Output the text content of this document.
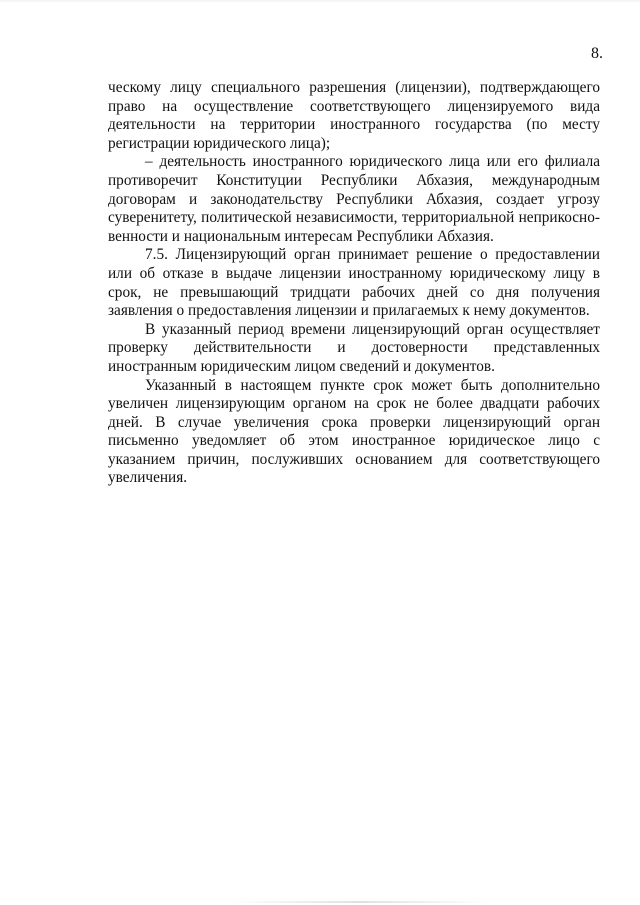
8.

ческому лицу специального разрешения (лицензии), подтверждающего право на осуществление соответствующего лицензируемого вида деятельности на территории иностранного государства (по месту регистрации юридического лица);

– деятельность иностранного юридического лица или его филиала противоречит Конституции Республики Абхазия, международным договорам и законодательству Республики Абхазия, создает угрозу суверенитету, политической независимости, территориальной неприкосно-венности и национальным интересам Республики Абхазия.

7.5. Лицензирующий орган принимает решение о предоставлении или об отказе в выдаче лицензии иностранному юридическому лицу в срок, не превышающий тридцати рабочих дней со дня получения заявления о предоставления лицензии и прилагаемых к нему документов.

В указанный период времени лицензирующий орган осуществляет проверку действительности и достоверности представленных иностранным юридическим лицом сведений и документов.

Указанный в настоящем пункте срок может быть дополнительно увеличен лицензирующим органом на срок не более двадцати рабочих дней. В случае увеличения срока проверки лицензирующий орган письменно уведомляет об этом иностранное юридическое лицо с указанием причин, послуживших основанием для соответствующего увеличения.
